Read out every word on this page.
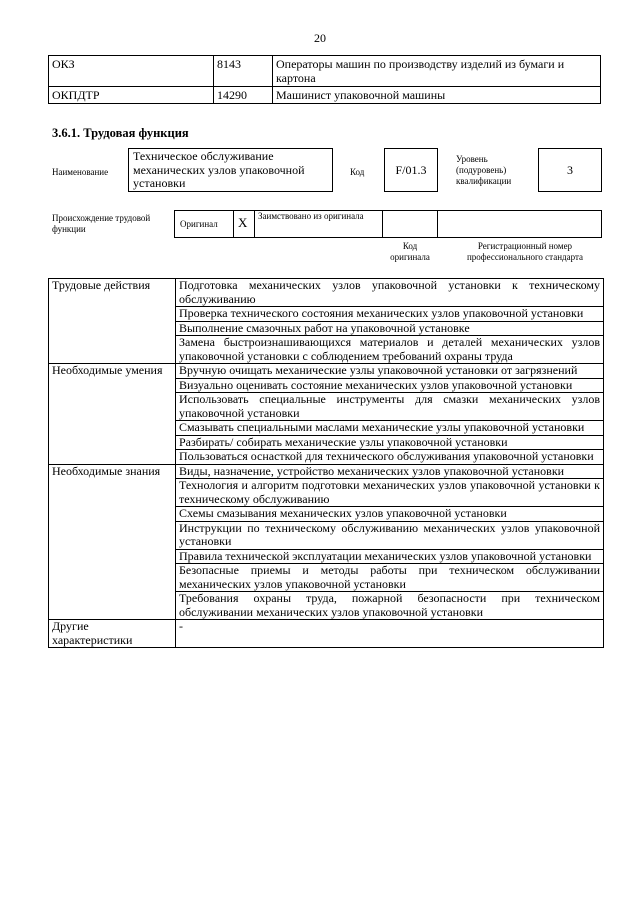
20
ОКЗ	8143	Операторы машин по производству изделий из бумаги и картона
ОКПДТР	14290	Машинист упаковочной машины
3.6.1. Трудовая функция
Наименование
Техническое обслуживание механических узлов упаковочной установки
Код	F/01.3
Уровень (подуровень) квалификации
3
Происхождение трудовой функции	Оригинал X Заимствовано из оригинала
Код оригинала
Регистрационный номер профессионального стандарта
Трудовые действия	Подготовка механических узлов упаковочной установки к техническому обслуживанию
	Проверка технического состояния механических узлов упаковочной установки
	Выполнение смазочных работ на упаковочной установке
	Замена быстроизнашивающихся материалов и деталей механических узлов упаковочной установки с соблюдением требований охраны труда
Необходимые умения	Вручную очищать механические узлы упаковочной установки от загрязнений
	Визуально оценивать состояние механических узлов упаковочной установки
	Использовать специальные инструменты для смазки механических узлов упаковочной установки
	Смазывать специальными маслами механические узлы упаковочной установки
	Разбирать/ собирать механические узлы упаковочной установки
	Пользоваться оснасткой для технического обслуживания упаковочной установки
Необходимые знания	Виды, назначение, устройство механических узлов упаковочной установки
	Технология и алгоритм подготовки механических узлов упаковочной установки к техническому обслуживанию
	Схемы смазывания механических узлов упаковочной установки
	Инструкции по техническому обслуживанию механических узлов упаковочной установки
	Правила технической эксплуатации механических узлов упаковочной установки
	Безопасные приемы и методы работы при техническом обслуживании механических узлов упаковочной установки
	Требования охраны труда, пожарной безопасности при техническом обслуживании механических узлов упаковочной установки
Другие характеристики	-
